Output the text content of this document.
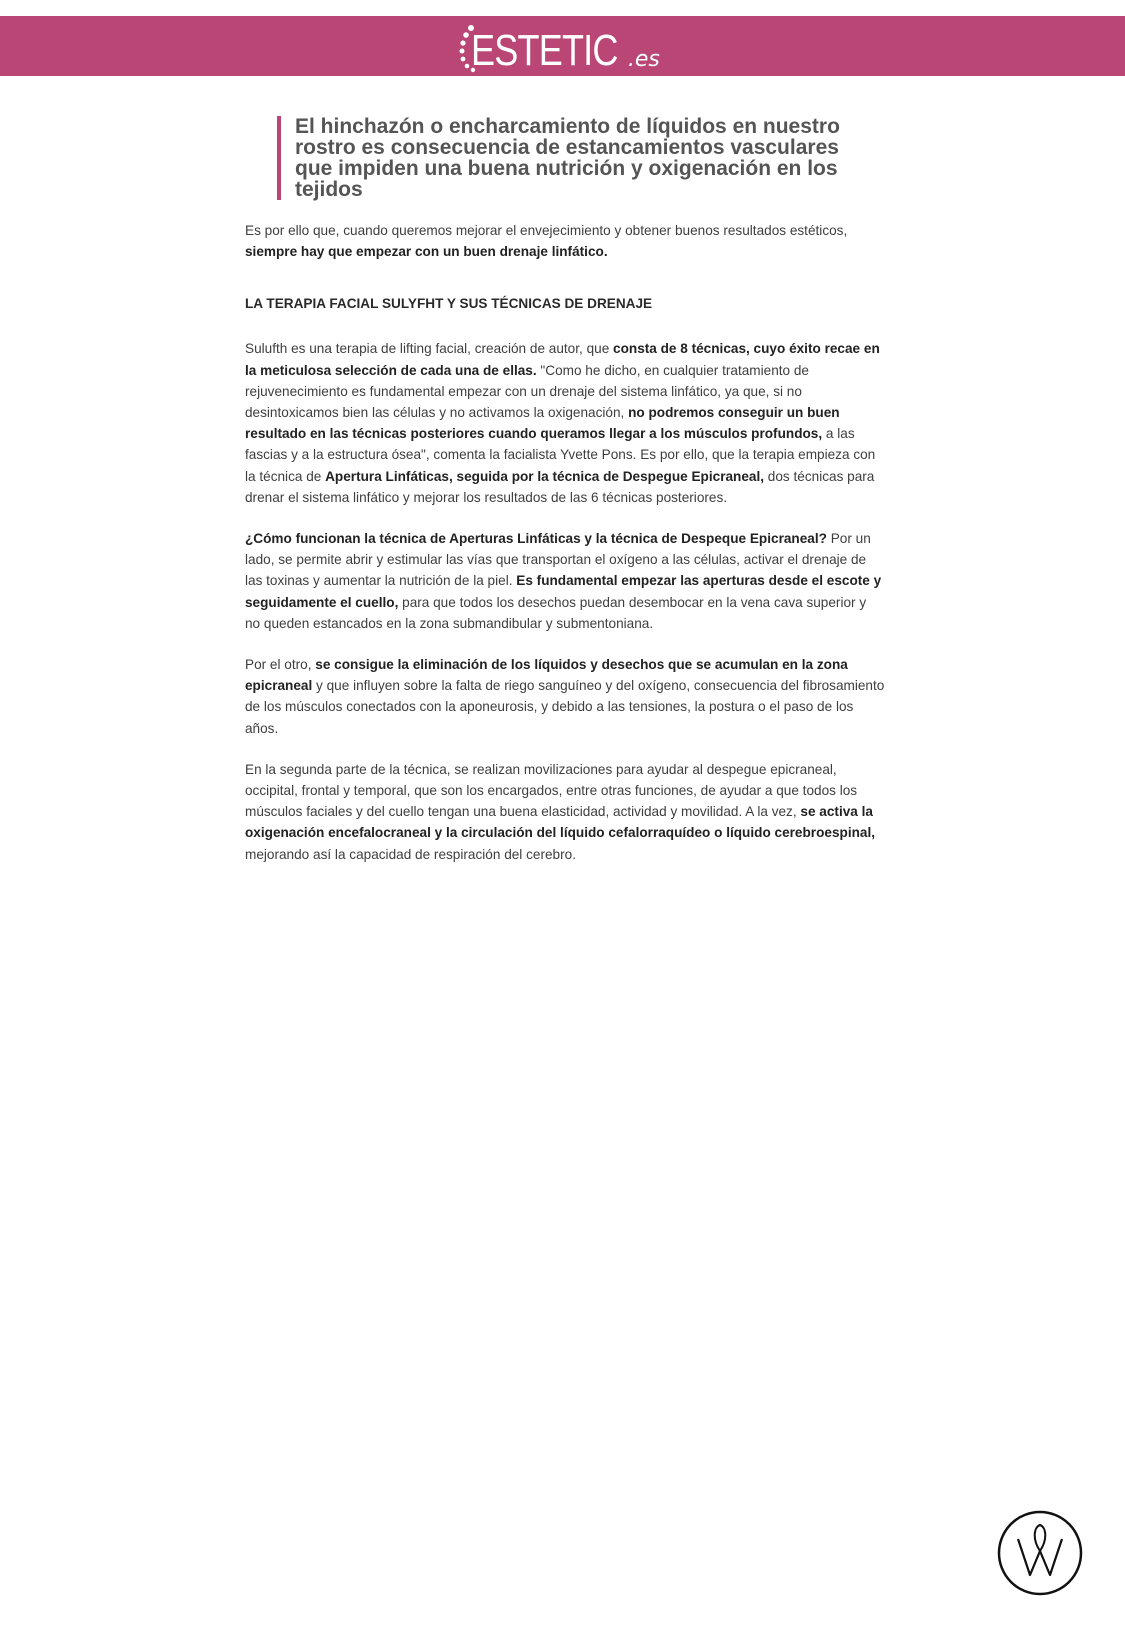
ESTETIC .es
El hinchazón o encharcamiento de líquidos en nuestro rostro es consecuencia de estancamientos vasculares que impiden una buena nutrición y oxigenación en los tejidos

Es por ello que, cuando queremos mejorar el envejecimiento y obtener buenos resultados estéticos, siempre hay que empezar con un buen drenaje linfático.

LA TERAPIA FACIAL SULYFHT Y SUS TÉCNICAS DE DRENAJE

Sulufth es una terapia de lifting facial, creación de autor, que consta de 8 técnicas, cuyo éxito recae en la meticulosa selección de cada una de ellas. "Como he dicho, en cualquier tratamiento de rejuvenecimiento es fundamental empezar con un drenaje del sistema linfático, ya que, si no desintoxicamos bien las células y no activamos la oxigenación, no podremos conseguir un buen resultado en las técnicas posteriores cuando queramos llegar a los músculos profundos, a las fascias y a la estructura ósea", comenta la facialista Yvette Pons. Es por ello, que la terapia empieza con la técnica de Apertura Linfáticas, seguida por la técnica de Despegue Epicraneal, dos técnicas para drenar el sistema linfático y mejorar los resultados de las 6 técnicas posteriores.

¿Cómo funcionan la técnica de Aperturas Linfáticas y la técnica de Despeque Epicraneal? Por un lado, se permite abrir y estimular las vías que transportan el oxígeno a las células, activar el drenaje de las toxinas y aumentar la nutrición de la piel. Es fundamental empezar las aperturas desde el escote y seguidamente el cuello, para que todos los desechos puedan desembocar en la vena cava superior y no queden estancados en la zona submandibular y submentoniana.

Por el otro, se consigue la eliminación de los líquidos y desechos que se acumulan en la zona epicraneal y que influyen sobre la falta de riego sanguíneo y del oxígeno, consecuencia del fibrosamiento de los músculos conectados con la aponeurosis, y debido a las tensiones, la postura o el paso de los años.

En la segunda parte de la técnica, se realizan movilizaciones para ayudar al despegue epicraneal, occipital, frontal y temporal, que son los encargados, entre otras funciones, de ayudar a que todos los músculos faciales y del cuello tengan una buena elasticidad, actividad y movilidad. A la vez, se activa la oxigenación encefalocraneal y la circulación del líquido cefalorraquídeo o líquido cerebroespinal, mejorando así la capacidad de respiración del cerebro.
